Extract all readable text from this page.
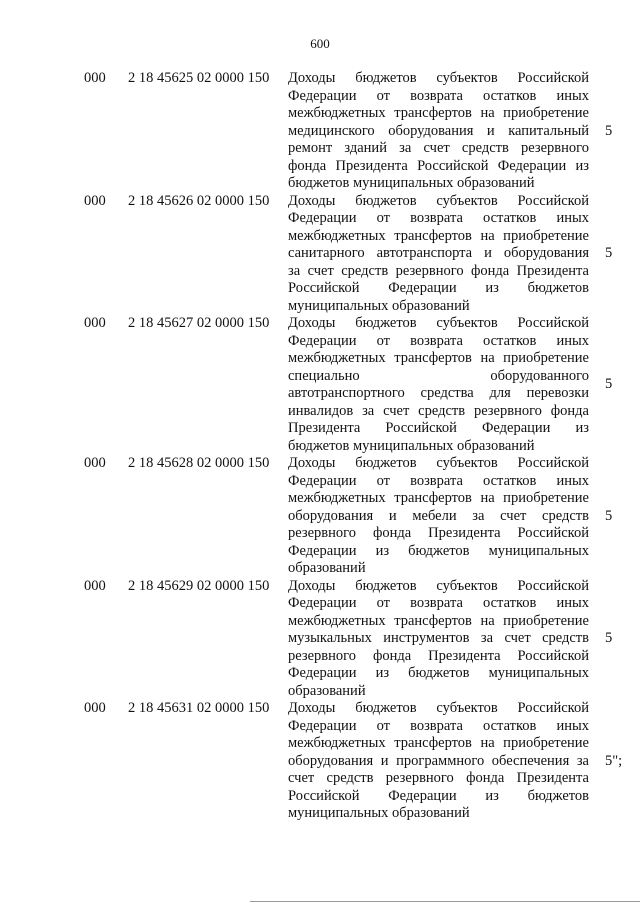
600
000	2 18 45625 02 0000 150	Доходы бюджетов субъектов Российской
Федерации от возврата остатков иных
межбюджетных трансфертов на приобретение
медицинского оборудования и капитальный
ремонт зданий за счет средств резервного
фонда Президента Российской Федерации из
бюджетов муниципальных образований
5
000	2 18 45626 02 0000 150	Доходы бюджетов субъектов Российской
Федерации от возврата остатков иных
межбюджетных трансфертов на приобретение
санитарного автотранспорта и оборудования
за счет средств резервного фонда Президента
Российской Федерации из бюджетов
муниципальных образований
5
000	2 18 45627 02 0000 150	Доходы бюджетов субъектов Российской
Федерации от возврата остатков иных
межбюджетных трансфертов на приобретение
специально оборудованного
автотранспортного средства для перевозки
инвалидов за счет средств резервного фонда
Президента Российской Федерации из
бюджетов муниципальных образований
5
000	2 18 45628 02 0000 150	Доходы бюджетов субъектов Российской
Федерации от возврата остатков иных
межбюджетных трансфертов на приобретение
оборудования и мебели за счет средств
резервного фонда Президента Российской
Федерации из бюджетов муниципальных
образований
5
000	2 18 45629 02 0000 150	Доходы бюджетов субъектов Российской
Федерации от возврата остатков иных
межбюджетных трансфертов на приобретение
музыкальных инструментов за счет средств
резервного фонда Президента Российской
Федерации из бюджетов муниципальных
образований
5
000	2 18 45631 02 0000 150	Доходы бюджетов субъектов Российской
Федерации от возврата остатков иных
межбюджетных трансфертов на приобретение
оборудования и программного обеспечения за
счет средств резервного фонда Президента
Российской Федерации из бюджетов
муниципальных образований
5";
